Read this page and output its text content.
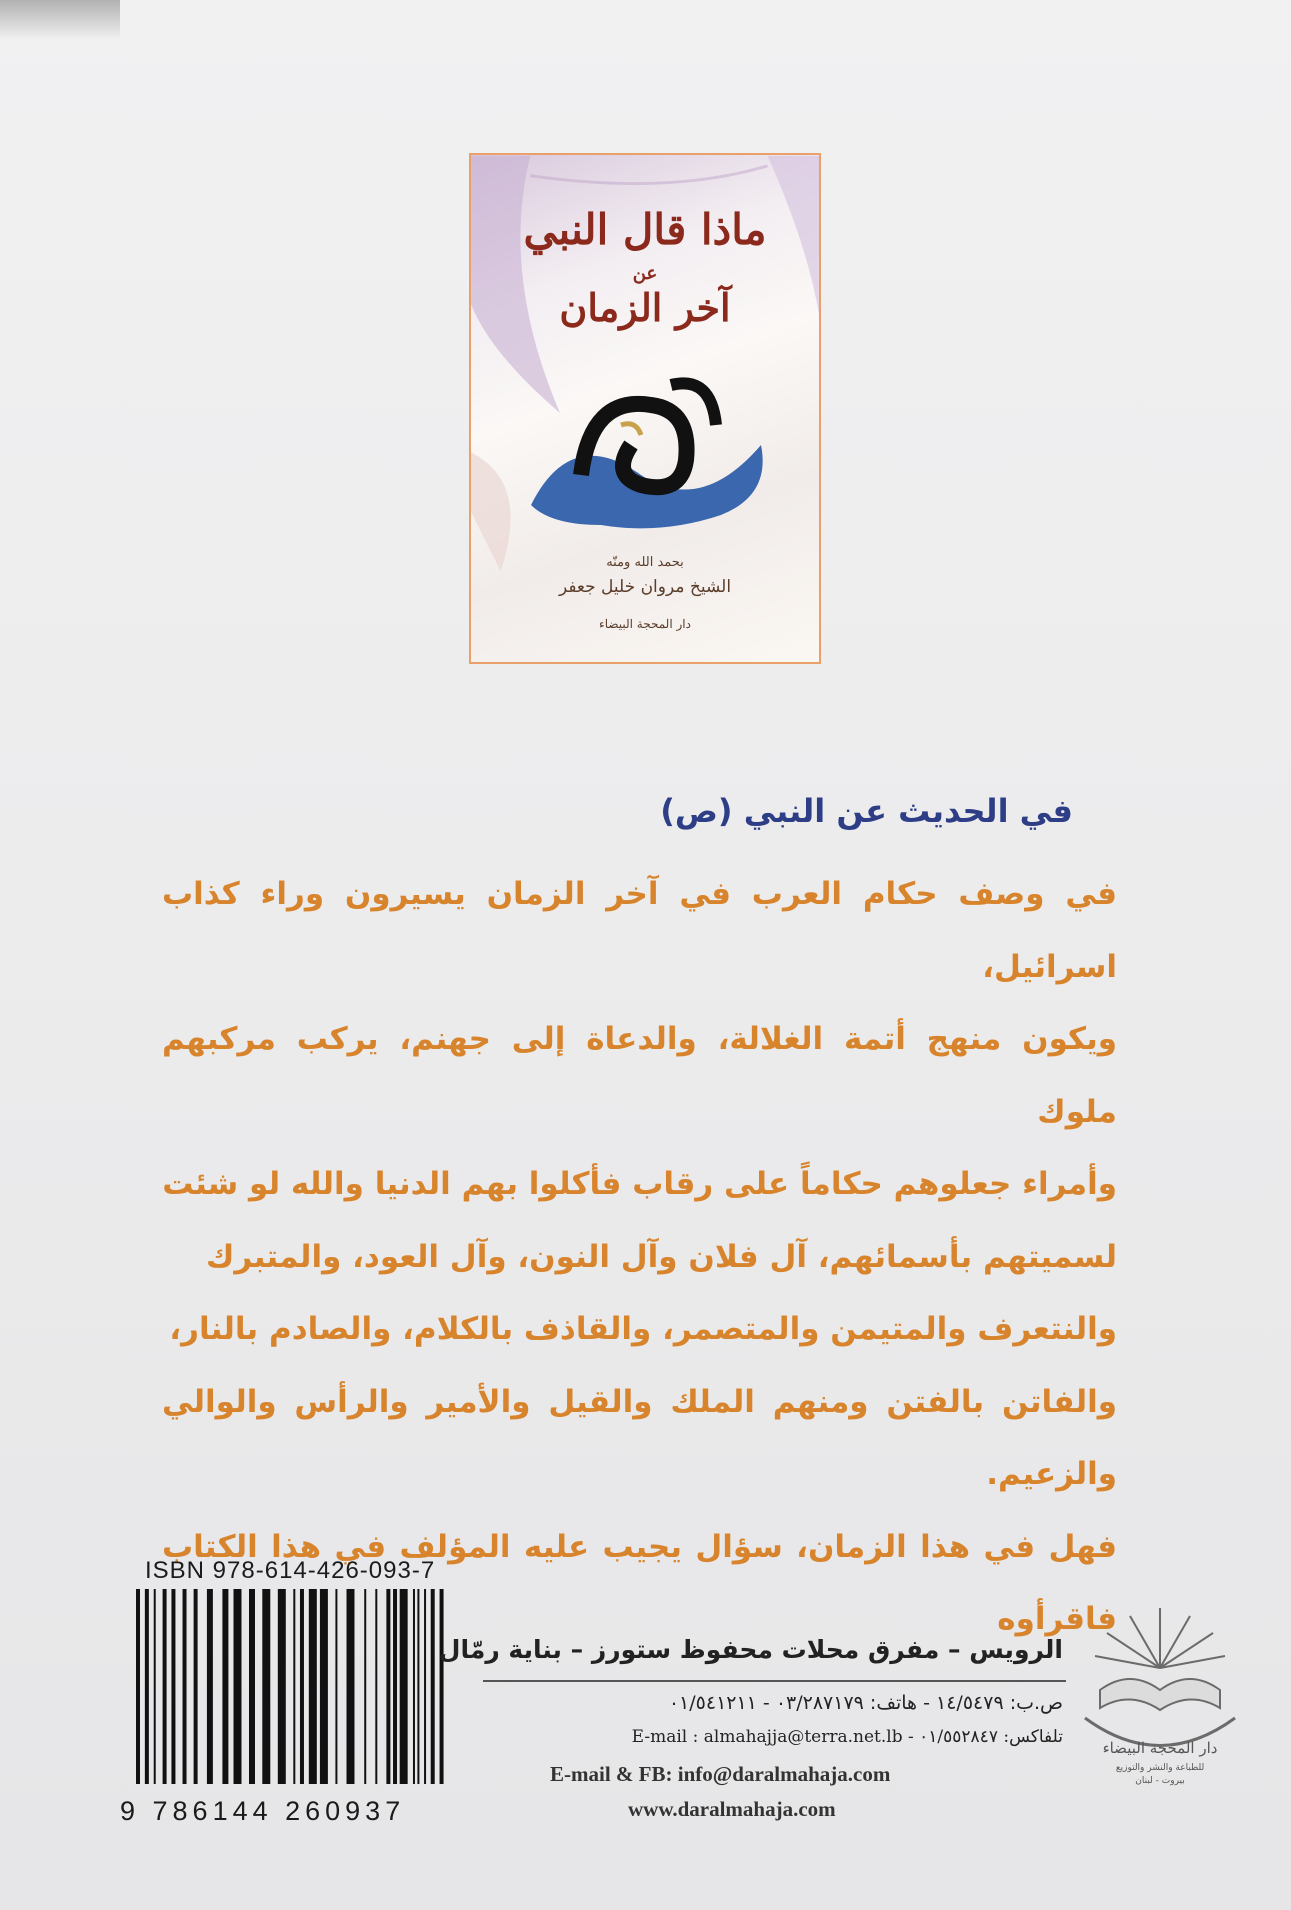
ماذا قال النبي
عن
آخر الزمان
حكام آخر الزمان
بحمد الله ومنّه
الشيخ مروان خليل جعفر
دار المحجة البيضاء
في الحديث عن النبي (ص)
في وصف حكام العرب في آخر الزمان يسيرون وراء كذاب اسرائيل،
ويكون منهج أتمة الغلالة، والدعاة إلى جهنم، يركب مركبهم ملوك
وأمراء جعلوهم حكاماً على رقاب فأكلوا بهم الدنيا والله لو شئت
لسميتهم بأسمائهم، آل فلان وآل النون، وآل العود، والمتبرك
والنتعرف والمتيمن والمتصمر، والقاذف بالكلام، والصادم بالنار،
والفاتن بالفتن ومنهم الملك والقيل والأمير والرأس والوالي والزعيم.
فهل في هذا الزمان، سؤال يجيب عليه المؤلف في هذا الكتاب فاقرأوه
ISBN 978-614-426-093-7
9 786144 260937
الرويس – مفرق محلات محفوظ ستورز – بناية رمّال
ص.ب: ١٤/٥٤٧٩ - هاتف: ٠٣/٢٨٧١٧٩ - ٠١/٥٤١٢١١
تلفاكس: ٠١/٥٥٢٨٤٧ - E-mail : almahajja@terra.net.lb
E-mail & FB: info@daralmahaja.com
www.daralmahaja.com
دار المحجة البيضاء
للطباعة والنشر والتوزيع
بيروت - لبنان
